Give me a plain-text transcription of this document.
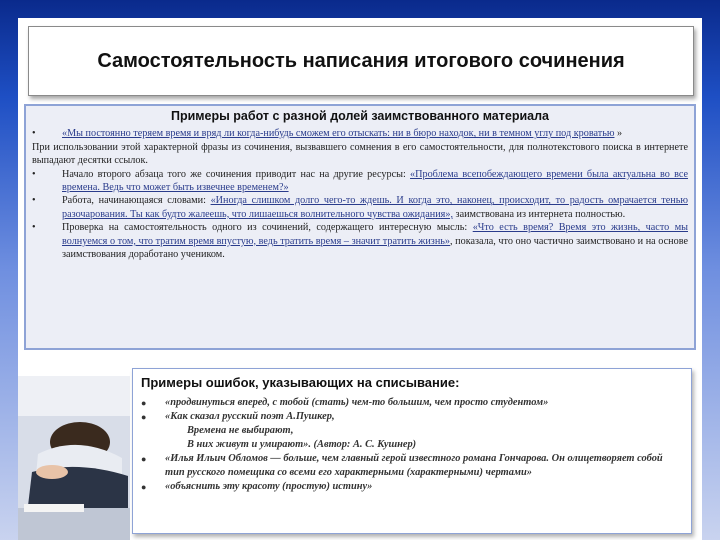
Самостоятельность написания итогового сочинения
Примеры работ с разной долей заимствованного материала
•	«Мы постоянно теряем время и вряд ли когда-нибудь сможем его отыскать: ни в бюро находок, ни в темном углу под кроватью »

При использовании этой характерной фразы из сочинения, вызвавшего сомнения в его самостоятельности, для полнотекстового поиска в интернете выпадают десятки ссылок.

•	Начало второго абзаца того же сочинения приводит нас на другие ресурсы: «Проблема всепобеждающего времени была актуальна во все времена. Ведь что может быть извечнее временем?»
•	Работа, начинающаяся словами: «Иногда слишком долго чего-то ждешь. И когда это, наконец, происходит, то радость омрачается тенью разочарования. Ты как будто жалеешь, что лишаешься волнительного чувства ожидания», заимствована из интернета полностью.
•	Проверка на самостоятельность одного из сочинений, содержащего интересную мысль: «Что есть время? Время это жизнь, часто мы волнуемся о том, что тратим время впустую, ведь тратить время – значит тратить жизнь», показала, что оно частично заимствовано и на основе заимствования доработано учеником.
Примеры ошибок, указывающих на списывание:
●	«продвинуться вперед, с тобой (стать) чем-то большим, чем просто студентом»
●	«Как сказал русский поэт А.Пушкер,
Времена не выбирают,
В них живут и умирают». (Автор: А. С. Кушнер)
●	«Илья Ильич Обломов — больше, чем главный герой известного романа Гончарова. Он олицетворяет собой тип русского помещика со всеми его характерными (характерными) чертами»
●	«объяснить эту красоту (простую) истину»
